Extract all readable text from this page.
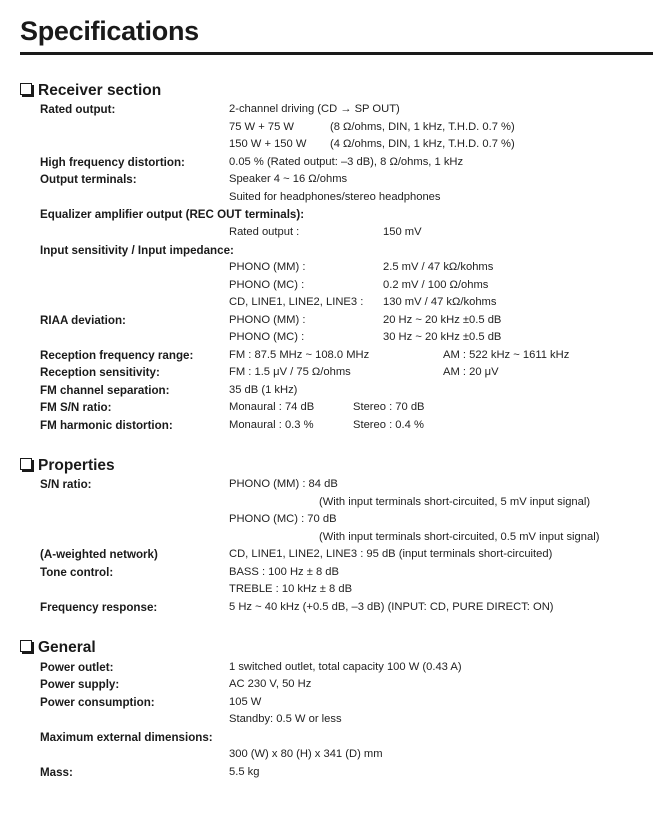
Specifications
Receiver section
Rated output:	2-channel driving (CD → SP OUT)
75 W + 75 W	(8 Ω/ohms, DIN, 1 kHz, T.H.D. 0.7 %)
150 W + 150 W (4 Ω/ohms, DIN, 1 kHz, T.H.D. 0.7 %)
High frequency distortion:	0.05 % (Rated output: –3 dB), 8 Ω/ohms, 1 kHz
Output terminals:	Speaker 4 ~ 16 Ω/ohms
Suited for headphones/stereo headphones
Equalizer amplifier output (REC OUT terminals):
Rated output :	150 mV
Input sensitivity / Input impedance:
PHONO (MM) :	2.5 mV / 47 kΩ/kohms
PHONO (MC) :	0.2 mV / 100 Ω/ohms
CD, LINE1, LINE2, LINE3 : 130 mV / 47 kΩ/kohms
RIAA deviation:	PHONO (MM) :	20 Hz ~ 20 kHz ±0.5 dB
PHONO (MC) :	30 Hz ~ 20 kHz ±0.5 dB
Reception frequency range:	FM : 87.5 MHz ~ 108.0 MHz	AM : 522 kHz ~ 1611 kHz
Reception sensitivity:	FM : 1.5 μV / 75 Ω/ohms	AM : 20 μV
FM channel separation:	35 dB (1 kHz)
FM S/N ratio:	Monaural : 74 dB	Stereo : 70 dB
FM harmonic distortion:	Monaural : 0.3 %	Stereo : 0.4 %
Properties
S/N ratio:	PHONO (MM) : 84 dB
(With input terminals short-circuited, 5 mV input signal)
PHONO (MC) : 70 dB
(With input terminals short-circuited, 0.5 mV input signal)
(A-weighted network)	CD, LINE1, LINE2, LINE3 : 95 dB (input terminals short-circuited)
Tone control:	BASS : 100 Hz ± 8 dB
TREBLE : 10 kHz ± 8 dB
Frequency response:	5 Hz ~ 40 kHz (+0.5 dB, –3 dB) (INPUT: CD, PURE DIRECT: ON)
General
Power outlet:	1 switched outlet, total capacity 100 W (0.43 A)
Power supply:	AC 230 V, 50 Hz
Power consumption:	105 W
Standby: 0.5 W or less
Maximum external dimensions:
300 (W) x 80 (H) x 341 (D) mm
Mass:	5.5 kg
